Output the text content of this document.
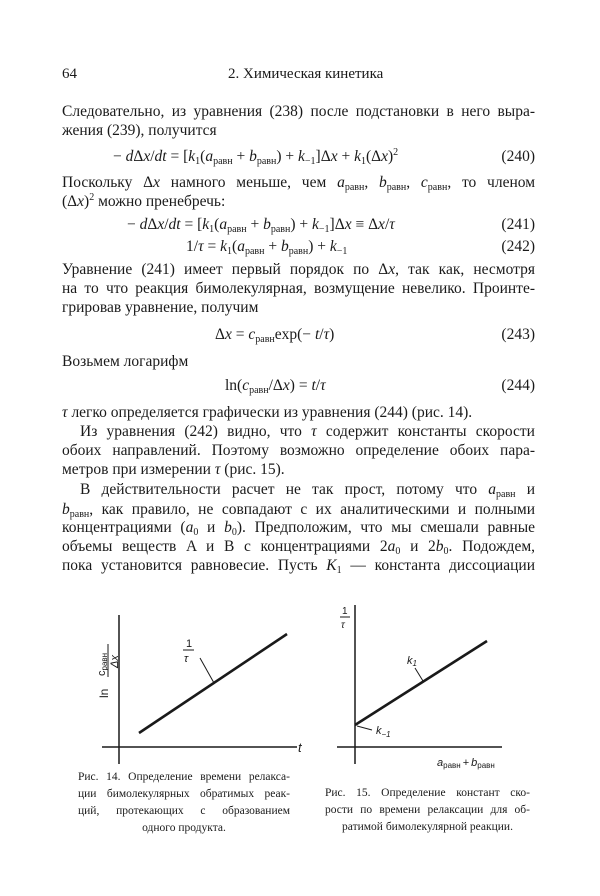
64	2. Химическая кинетика
Следовательно, из уравнения (238) после подстановки в него выра-
жения (239), получится
− $d\Delta x/dt = [k_1(a_{равн} + b_{равн}) + k_{-1}]\Delta x + k_1(\Delta x)^2$	(240)
Поскольку Δx намного меньше, чем $a_{равн}$, $b_{равн}$, $c_{равн}$, то членом
$(\Delta x)^2$ можно пренебречь:
− $d\Delta x/dt = [k_1(a_{равн} + b_{равн}) + k_{-1}]\Delta x \equiv \Delta x/\tau$	(241)
$1/\tau = k_1(a_{равн} + b_{равн}) + k_{-1}$	(242)
Уравнение (241) имеет первый порядок по Δx, так как, несмотря
на то что реакция бимолекулярная, возмущение невелико. Проинте-
грировав уравнение, получим
$\Delta x = c_{равн}\exp(- t/\tau)$	(243)
Возьмем логарифм
$\ln(c_{равн}/\Delta x) = t/\tau$	(244)
τ легко определяется графически из уравнения (244) (рис. 14).
Из уравнения (242) видно, что τ содержит константы скорости
обоих направлений. Поэтому возможно определение обоих пара-
метров при измерении τ (рис. 15).
В действительности расчет не так прост, потому что $a_{равн}$ и
$b_{равн}$, как правило, не совпадают с их аналитическими и полными
концентрациями ($a_0$ и $b_0$). Предположим, что мы смешали равные
объемы веществ A и B с концентрациями $2a_0$ и $2b_0$. Подождем,
пока установится равновесие. Пусть $K_1$ — константа диссоциации
1
τ
t
ln
cравн Δx	k1
$k_{-1}$
1
τ
aравн + bравн
Рис. 14. Определение времени релакса-
ции бимолекулярных обратимых реак-
ций, протекающих с образованием
одного продукта.
Рис. 15. Определение констант ско-
рости по времени релаксации для об-
ратимой бимолекулярной реакции.
